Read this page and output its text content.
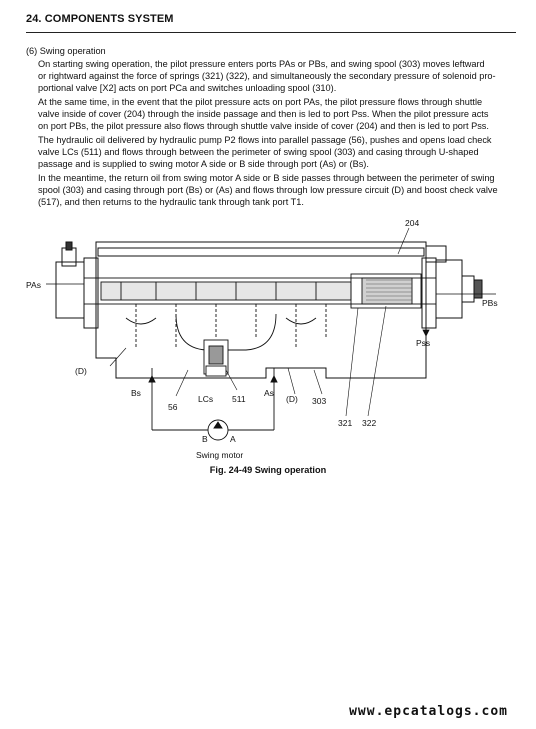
24. COMPONENTS SYSTEM
(6) Swing operation
On starting swing operation, the pilot pressure enters ports PAs or PBs, and swing spool (303) moves leftward
or rightward against the force of springs (321) (322), and simultaneously the secondary pressure of solenoid pro-
portional valve [X2] acts on port PCa and switches unloading spool (310).
At the same time, in the event that the pilot pressure acts on port PAs, the pilot pressure flows through shuttle
valve inside of cover (204) through the inside passage and then is led to port Pss. When the pilot pressure acts
on port PBs, the pilot pressure also flows through shuttle valve inside of cover (204) and then is led to port Pss.
The hydraulic oil delivered by hydraulic pump P2 flows into parallel passage (56), pushes and opens load check
valve LCs (511) and flows through between the perimeter of swing spool (303) and casing through U-shaped
passage and is supplied to swing motor A side or B side through port (As) or (Bs).
In the meantime, the return oil from swing motor A side or B side passes through between the perimeter of swing
spool (303) and casing through port (Bs) or (As) and flows through low pressure circuit (D) and boost check valve
(517), and then returns to the hydraulic tank through tank port T1.
204
PAs
PBs
Pss
(D)
Bs	As
(D) 303
56
LCs 511
321 322
B	A
Swing motor
Fig. 24-49 Swing operation
www.epcatalogs.com
